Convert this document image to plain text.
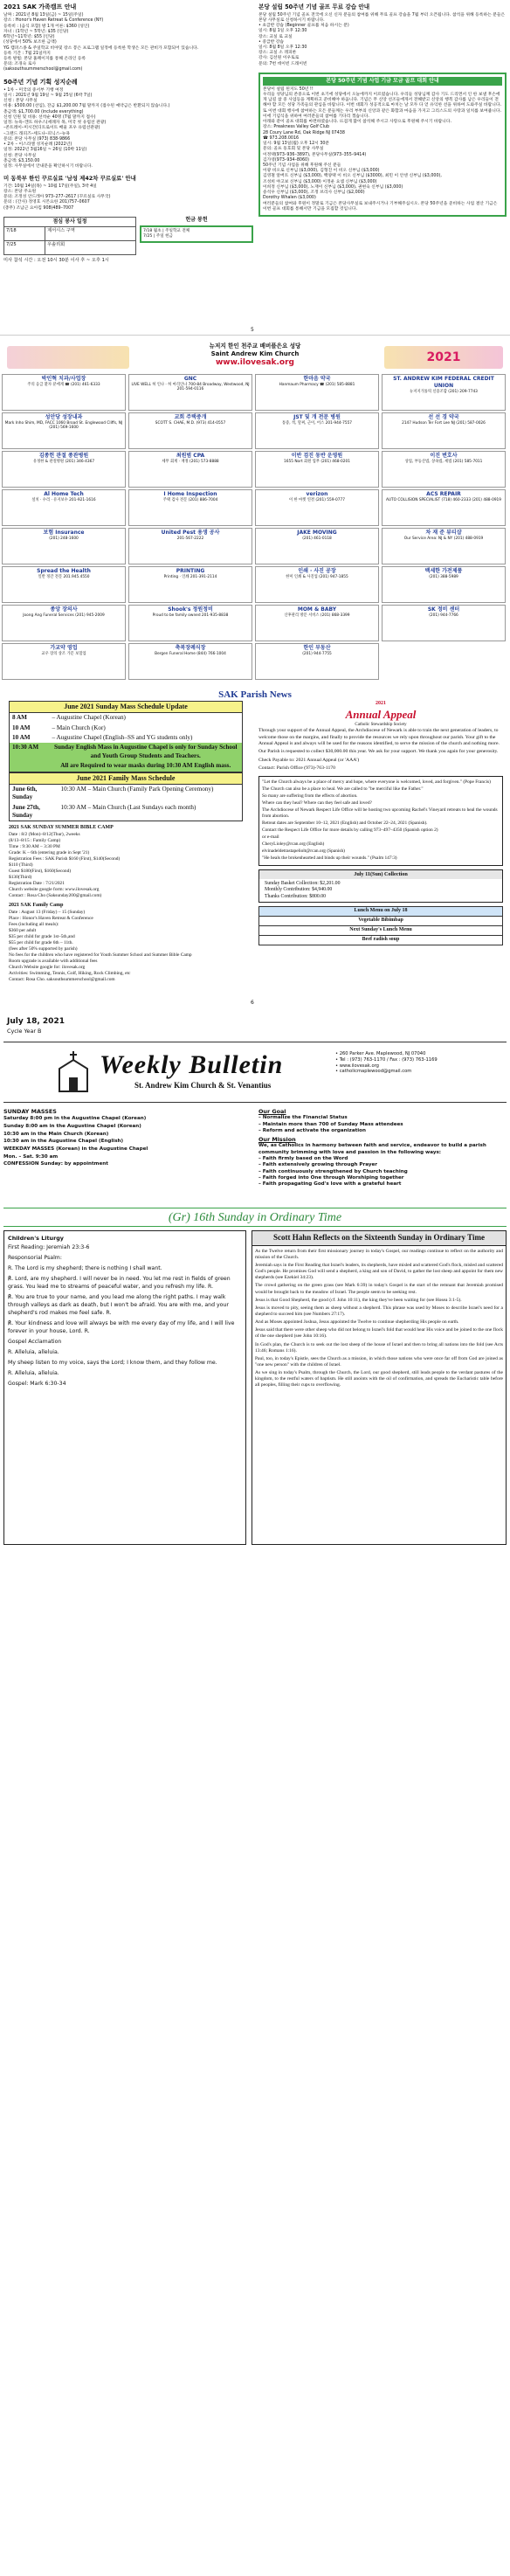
2021 SAK 가족캠프 안내
날짜 : 2021년 8월 13일(금) ~ 15일(주일)
장소 : Honor's Haven Retreat & Conference (NY)
등록비 : (음식 포함) 방 1개 어른: $360 (성인)
자녀 : (1학년 ~ 5학년: $35 (인당)
6학년~11학년: $55 (인당)
(성당에서 50% 보조한 금액)
YG 캠퍼스종 & 주일학교 비야및 장소 봉은 프로그램 일정에 등록한 학생은 모든 관비가 포함되어 있습니다.
등록 기간 : 7월 21일까지
등록 방법: 본당 홈페이지를 통해 온라인 등록
문의: 조경숙 로사
(saksouthsummerschool@gmail.com)
50주년 기념 기획 성지순례
• 1차 – 미국의 중서부 기행 여정
일시 : 2021년 9월 19일 ~ 9월 25일 (6박 7일)
신청 : 본당 사무실
비용: $500.00 (선입), 잔금 $1,200.00 7월 말까지 (접수된 예약금은 반환되지 않습니다.)
총금액: $1,700.00 (include everything)
신청 인원 및 비용: 선착순 40명 (7월 말까지 접수)
일정: 뉴욕–켄트 하우스(세례자 목, 미국 첫 유럽선 관광)
–존트레이–미시간(디트로이트 배울 포우 유럽선관광)
–그랜드 래피즈–세도나–피닉스–뉴욕
문의: 본당 사무실 (973) 838-9866
• 2차 – 이스라엘 성지순례 (2022년)
일정: 2022년 3월16일 ~ 26일 (10박 11일)
신청: 본당 사무실
총금액: $3,150.00
일정: 사무실에서 안내문을 확인하시기 바랍니다.
미 동북부 한인 꾸르실료 '남성 제42차 꾸르실료' 안내
기간: 10월 14일(목) ~ 10월 17일(주일), 3박 4일
장소: 본당 주요원
문의: 조정성 안드레아 973–277–2617 (꾸르실료 사무국)
문의 : (간사) 정영호 시몬요한 201)757–0607
(총무) 조남근 요아킴 908)489–7007
점심 봉사 일정
7/18	제서시스 구역
7/25	우솔리회
헌금 봉헌
7/18 월초 | 주일학교 전체
7/25 | 주일 헌금
미사 참석 시간 : 오전 10시 30분 이사 후 ~ 오후 1시
본당 설립 50주년 기념 골프 무료 강습 안내
본당 설립 50주년 기념 골프 전국에 오신 신자 분들의 참여를 위해 무료 골프 강습을 7월 부터 오픈됩니다. 참석을 위해 등록하는 분들은 본당 사무실로 신청하시기 바랍니다.
• 초급반 강습 (Beginner 골프를 처음 하시는 분)
일시: 8월 1일 오후 12:30
장소: 교실 로 교실
• 중급반 강습
일시: 8월 8일 오후 12:30
장소: 교실 소 레피론
강사: 김선원 이우토로
문의: 7번 데이빈 드래이빈
본당 50주년 기념 사업 기금 모금 골프 대회 안내
본당이 설립 된지도 50년 !!
우리들 성당님의 존중으로 이번 초기에 성당에서 오늘에까지 이르렀습니다. 우리들 성당님께 감사 기도 드리면서 인 한 보낼 후손에게 남길 참 중 사업등을 계획하고 준비해야 하옵니다. 기념은 무 신앙 선조들에게서 전해받고 신앙의 행복 감사를 남은 우리들이 전해야 할 모든 성당 가족들의 관심을 바랍니다. 이번 대회가 성공적으로 마치는 날 모두 다 얻 유익한 선을 위하여 도와주실 바랍니다.
또 이번 대회 행사에 참여하는 모든 분들께는 우리 부부의 신앙과 같은 화합과 마음을 가지고 그리스도의 사랑과 일치를 보여줍니다. 이에 기념식을 위하여 여러분들의 참여를 기다리 겠습니다.
아래와 같이 골프 대회를 마련하였습니다. 뜨겁게 많이 참석해 주시고 사랑으로 후원해 주시기 바랍니다.
장소: Preakness Valley Golf Club
28 Coury Lane Rd, Oak Ridge NJ 07438
☎ 973.208.0016
일시: 9월 13일(월) 오후 12시 30분
문의: 골프 동호회 및 본당 사무실
이정택(973–936–3897), 본당사무실(973–355–9414)
김가영(973–934–8060)
50주년 기념 사업을 위해 후원해 주신 분들
이광 비오로 신부님 ($3,000), 김형진 이 비오 신부님 ($3,000)
김영철 알버트 신부님 ($3,000), 백양택 이 비오 신부님 ($3000), 최민 이 안센 신부님 ($3,000),
조성희 야고보 신부님 ($3,000) 이정운 요셉 신부님 ($3,000)
이희정 신부님 ($3,000), 노재이 신부님 ($3,000), 권현숙 신부님 ($3,000)
송석우 신부님 ($3,000), 조정 브리사 신부님 ($2,000)
Dorothy Whalen ($3,000)
여러분들의 참여와 후원이 정말로 기금은 본당사무실로 보내주시거나 기부해주십시오. 본당 50주년을 준비하는 사업 결산 기금은 이번 골프 대회를 통해서만 기금을 모집할 것입니다.
5
뉴저지 한인 천주교 배버플은요 성당
Saint Andrew Kim Church
www.ilovesak.org	2021
박인혁 치과/사업장
주의 응급 환자 분에게 ☎ (201) 461-6333
GNC
LIVE WELL 허 인나 · 허 마리인나 700-84 Broadway, Westwood, NJ 201-594-0116
한마음 약국
Hanmaum Pharmacy ☎ (201) 585-8881
ST. ANDREW KIM FEDERAL CREDIT UNION
뉴저지가톨릭 신용조합 (201) 209-7743
성안당 성장내과
Mark Inho Shim, MD, FACC 1060 Broad St. Englewood Cliffs, NJ (201) 569-1600
교회 주택중개
SCOTT S. CHAE, M.D. (973) 414-0557
JST 및 개 전문 병원
통증, 척, 말찌, 근이, 어스 201-944-7557
선 선 경 약국
2147 Hudson Ter Fort Lee NJ (201) 587-0026
김종헌 관절 종관병원
유정한 & 관절병원 (201) 346-4367
최원범 CPA
세무 회계 · 재정 (201) 573-8888
이반 검진 동반 운영원
1655 Nort 회원 업무 (201) 468-0201
이진 변호사
상업, 부동산법, 상속법, 세법 (201) 585-7011
Al Home Tech
설치 · 수리 · 유지보수 201-921-1616
I Home Inspection
주택 검사 전문 (201) 886-7004
verizon
이 한 마켓 연결 (201) 559-0777
ACS REPAIR
AUTO COLLISION SPECIALIST (718) 460-2333 (201) 488-0919
보험 Insurance
(201) 248-1600
United Pest 용생 공사
201-567-2222
JAKE MOVING
(201) 461-0118
차 재 준 뷰티샵
Our Service Area: NJ & NY (201) 488-0919
Spread the Health
일반 정간 전문 201.945.4550
PRINTING
Printing · 인쇄 201-391-2114
인쇄 · 사진 공장
한미 인쇄 & 사진업 (201) 947-1855
백세한 가전제품
(201) 388-5989
종앙 장의사
Joong Ang Funeral Services (201) 945-2009
Shook's 정원정비
Proud to be family owned 201-935-8838
MOM & BABY
산후관리 방문 서비스 (201) 868-3399
SK 정비 센터
(201) 944-7766
가교약 영업
교우 장의 상조 가문 보험업
축복장례식장
Bergen Funeral Home (844) 766-1004
한인 부동산
(201) 944-7755
SAK Parish News
June 2021 Sunday Mass Schedule Update
8 AM	– Augustine Chapel (Korean)
10 AM	– Main Church (Kor)
10 AM	– Augustine Chapel (English–SS and YG students only)
10:30 AM	Sunday English Mass in Augustine Chapel is only for Sunday School and Youth Group Students and Teachers.
	All are Required to wear masks during 10:30 AM English mass.
June 2021 Family Mass Schedule
June 6th, Sunday	10:30 AM – Main Church (Family Park Opening Ceremony)
June 27th, Sunday	10:30 AM – Main Church (Last Sundays each month)
2021 SAK SUNDAY SUMMER BIBLE CAMP
Date : 8/2 (Mon)–8/12(Thur), 2weeks
(8/13–8/15 : Family Camp)
Time : 9:30 AM – 3:30 PM
Grade: K – 6th (entering grade in Sept '21)
Registration Fees : SAK Parish $160 (First), $140(Second)
$110 (Third)
Guest $180(First), $160(Second)
$130(Third)
Registration Date : 7/21/2021
Church website google form: www.ilovesak.org
Contact : Rosa Cho (Saksunday200@gmail.com)
2021 SAK Family Camp
Date : August 13 (Friday) – 15 (Sunday)
Place : Honor's Haven Retreat & Conference
Fees (including all meals):
$360 per adult
$35 per child for grade 1st–5th,and
$55 per child for grade 6th – 11th.
(fees after 50% supported by parish)
No fees for the children who have registered for Youth Summer School and Summer Bible Camp
Room upgrade is available with additional fees
Church Website google for: ilovesak.org
Activities: Swimming, Tennis, Golf, Hiking, Rock Climbing, etc
Contact: Rosa Cho. saksouthsummerschool@gmail.com
2021
Annual Appeal
Catholic Stewardship Society
Through your support of the Annual Appeal, the Archdiocese of Newark is able to train the next generation of leaders, to welcome those on the margins, and finally to provide the resources we rely upon throughout our parish. Your gift to the Annual Appeal is and always will be used for the reasons identified, to serve the mission of the church and nothing more.
Our Parish is requested to collect $30,000.00 this year. We ask for your support. We thank you again for your generosity.
Check Payable to: 2021 Annual Appeal (or 'AAA')
Contact: Parish Office (973)-763-1170
"Let the Church always be a place of mercy and hope, where everyone is welcomed, loved, and forgiven." (Pope Francis)
The Church can also be a place to heal. We are called to "be merciful like the Father."
So many are suffering from the effects of abortion.
Where can they heal? Where can they feel safe and loved?
The Archdiocese of Newark Respect Life Office will be hosting two upcoming Rachel's Vineyard retreats to heal the wounds from abortion.
Retreat dates are September 10–12, 2021 (English) and October 22–24, 2021 (Spanish).
Contact the Respect Life Office for more details by calling 973–497–4350 (Spanish option 2)
or e-mail
CheryLioley@rcan.org (English)
elvinadeldetrastapeliolt@rcan.org (Spanish)
"He heals the brokenhearted and binds up their wounds." (Psalm 147:3)
July 11(Sun) Collection
Sunday Basket Collection: $2,201.00
Monthly Contribution: $4,940.00
Thanks Contribution: $800.00
Lunch Menu on July 18
Vegetable Bibimbap
Next Sunday's Lunch Menu
Beef radish soup
6
July 18, 2021
Cycle Year B
Weekly Bulletin
St. Andrew Kim Church & St. Venantius
• 260 Parker Ave. Maplewood, NJ 07040
• Tel : (973) 763-1170 / Fax : (973) 763-1169
• www.ilovesak.org
• catholicmaplewood@gmail.com
SUNDAY MASSES
Saturday 8:00 pm in the Augustine Chapel (Korean)
Sunday 8:00 am in the Augustine Chapel (Korean)
10:30 am in the Main Church (Korean)
10:30 am in the Augustine Chapel (English)
WEEKDAY MASSES (Korean) in the Augustine Chapel
Mon. – Sat. 9:30 am
CONFESSION Sunday: by appointment
Our Goal
– Normalize the Financial Status
– Maintain more than 700 of Sunday Mass attendees
– Reform and activate the organization
Our Mission
We, as Catholics in harmony between faith and service, endeavor to build a parish community brimming with love and passion in the following ways:
– Faith firmly based on the Word
– Faith extensively growing through Prayer
– Faith continuously strengthened by Church teaching
– Faith forged into One through Worshiping together
– Faith propagating God's love with a grateful heart
(Gr) 16th Sunday in Ordinary Time
Children's Liturgy
First Reading: Jeremiah 23:3-6
Responsorial Psalm:
R. The Lord is my shepherd; there is nothing I shall want.
℟. Lord, are my shepherd. I will never be in need. You let me rest in fields of green grass. You lead me to streams of peaceful water, and you refresh my life. R.
℟. You are true to your name, and you lead me along the right paths. I may walk through valleys as dark as death, but I won't be afraid. You are with me, and your shepherd's rod makes me feel safe. R.
℟. Your kindness and love will always be with me every day of my life, and I will live forever in your house, Lord. R.
Gospel Acclamation
R. Alleluia, alleluia.
My sheep listen to my voice, says the Lord; I know them, and they follow me.
R. Alleluia, alleluia.
Gospel: Mark 6:30-34
Scott Hahn Reflects on the Sixteenth Sunday in Ordinary Time
As the Twelve return from their first missionary journey in today's Gospel, our readings continue to reflect on the authority and mission of the Church.
Jeremiah says in the First Reading that Israel's leaders, its shepherds, have misled and scattered God's flock, misled and scattered God's people. He promises God will send a shepherd, a king and son of David, to gather the lost sheep and appoint for them new shepherds (see Ezekiel 34:23).
The crowd gathering on the green grass (see Mark 6:39) in today's Gospel is the start of the remnant that Jeremiah promised would be brought back to the meadow of Israel. The people seem to be seeking rest.
Jesus is that Good Shepherd, the good (cf. John 10:11), the king they've been waiting for (see Hosea 3:1-5).
Jesus is moved to pity, seeing them as sheep without a shepherd. This phrase was used by Moses to describe Israel's need for a shepherd to succeed him (see Numbers 27:17).
And as Moses appointed Joshua, Jesus appointed the Twelve to continue shepherding His people on earth.
Jesus said that there were other sheep who did not belong to Israel's fold that would hear His voice and be joined to the one flock of the one shepherd (see John 10:16).
In God's plan, the Church is to seek out the lost sheep of the house of Israel and then to bring all nations into the fold (see Acts 13:46; Romans 1:16).
Paul, too, in today's Epistle, sees the Church as a mission, in which those nations who were once far off from God are joined as "one new person" with the children of Israel.
As we sing in today's Psalm, through the Church, the Lord, our good shepherd, still leads people to the verdant pastures of the kingdom, to the restful waters of baptism. He still anoints with the oil of confirmation, and spreads the Eucharistic table before all peoples, filling their cups to overflowing.
